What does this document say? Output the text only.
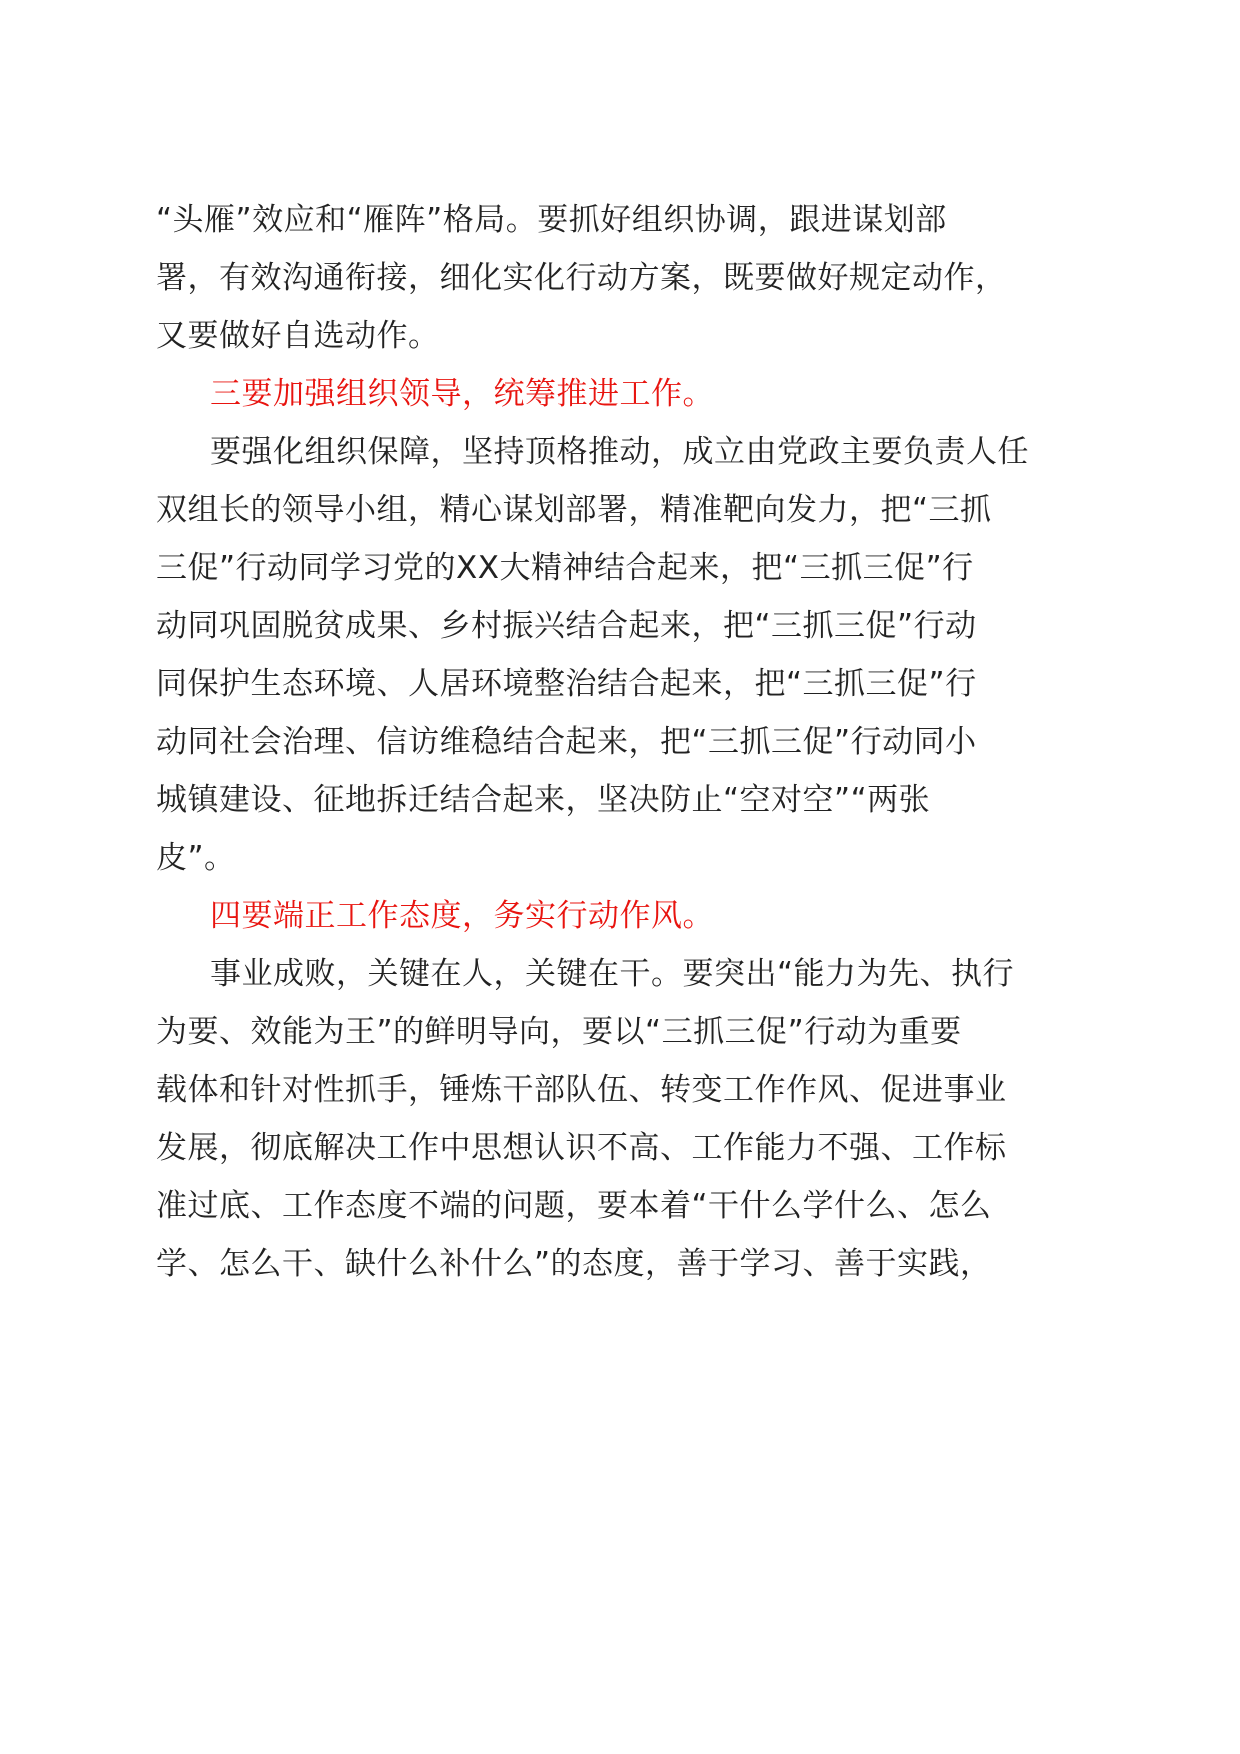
“头雁”效应和“雁阵”格局。要抓好组织协调，跟进谋划部
署，有效沟通衔接，细化实化行动方案，既要做好规定动作，
又要做好自选动作。
三要加强组织领导，统筹推进工作。
要强化组织保障，坚持顶格推动，成立由党政主要负责人任
双组长的领导小组，精心谋划部署，精准靶向发力，把“三抓
三促”行动同学习党的XX大精神结合起来，把“三抓三促”行
动同巩固脱贫成果、乡村振兴结合起来，把“三抓三促”行动
同保护生态环境、人居环境整治结合起来，把“三抓三促”行
动同社会治理、信访维稳结合起来，把“三抓三促”行动同小
城镇建设、征地拆迁结合起来，坚决防止“空对空”“两张
皮”。
四要端正工作态度，务实行动作风。
事业成败，关键在人，关键在干。要突出“能力为先、执行
为要、效能为王”的鲜明导向，要以“三抓三促”行动为重要
载体和针对性抓手，锤炼干部队伍、转变工作作风、促进事业
发展，彻底解决工作中思想认识不高、工作能力不强、工作标
准过底、工作态度不端的问题，要本着“干什么学什么、怎么
学、怎么干、缺什么补什么”的态度，善于学习、善于实践，
